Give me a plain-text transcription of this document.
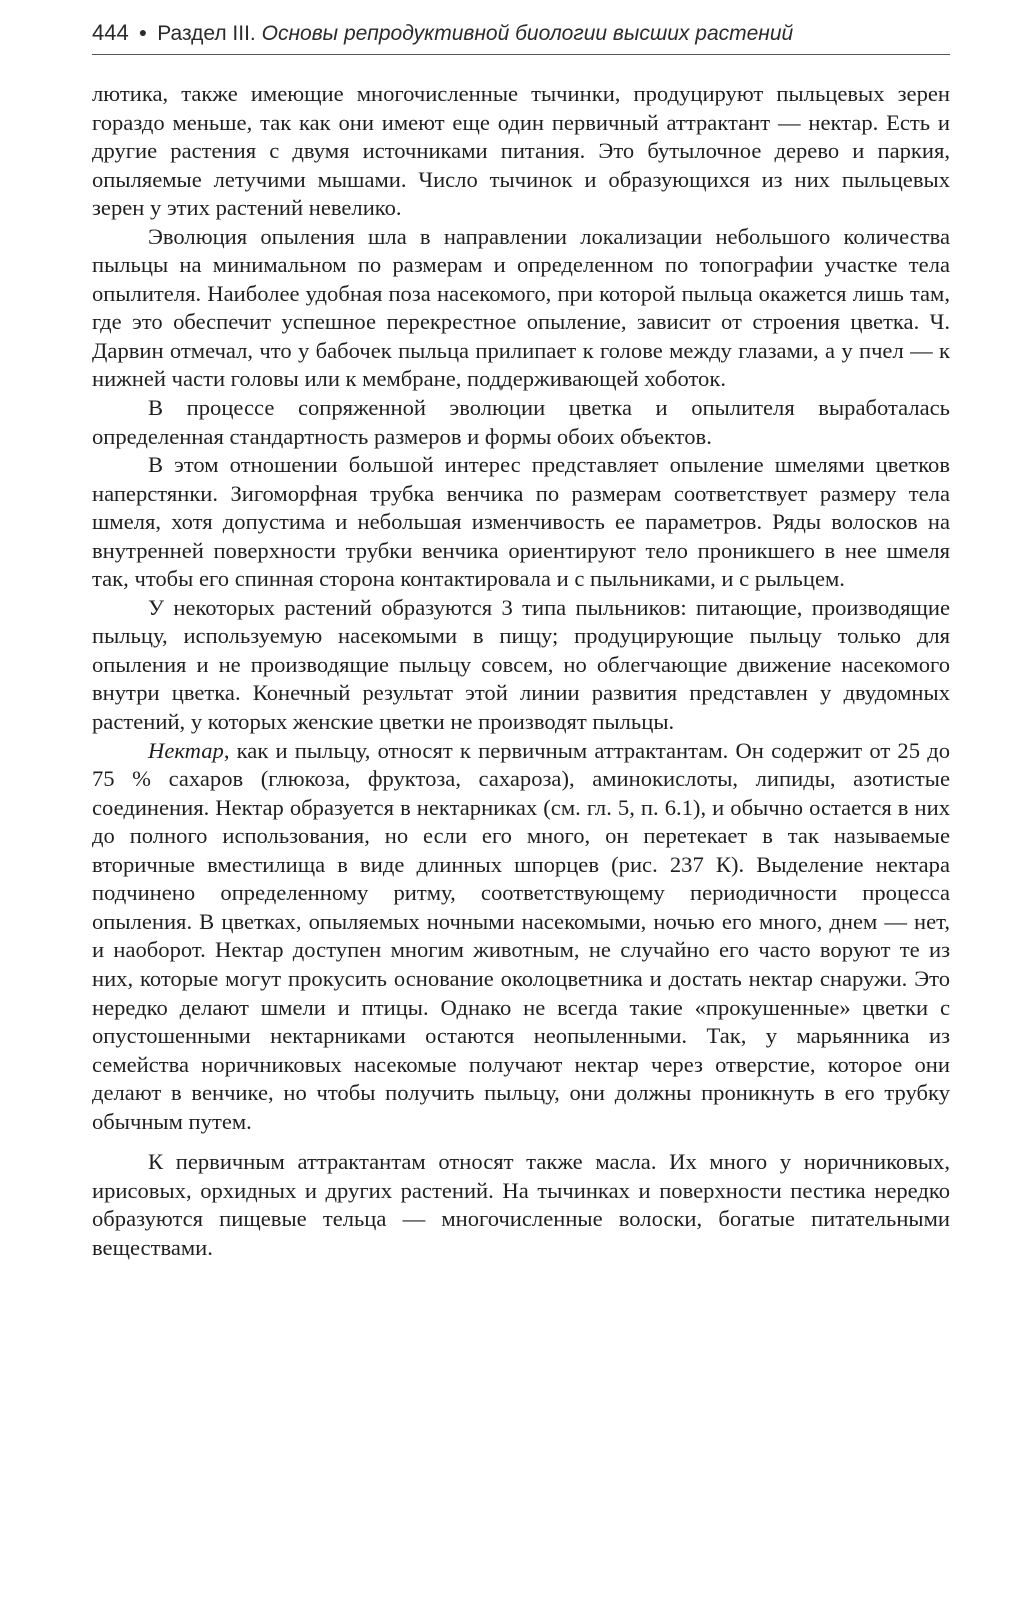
444 ● Раздел III. Основы репродуктивной биологии высших растений

лютика, также имеющие многочисленные тычинки, продуцируют пыльцевых зерен гораздо меньше, так как они имеют еще один первичный аттрактант — нектар. Есть и другие растения с двумя источниками питания. Это бутылочное дерево и паркия, опыляемые летучими мышами. Число тычинок и образующихся из них пыльцевых зерен у этих растений невелико.

Эволюция опыления шла в направлении локализации небольшого количества пыльцы на минимальном по размерам и определенном по топографии участке тела опылителя. Наиболее удобная поза насекомого, при которой пыльца окажется лишь там, где это обеспечит успешное перекрестное опыление, зависит от строения цветка. Ч. Дарвин отмечал, что у бабочек пыльца прилипает к голове между глазами, а у пчел — к нижней части головы или к мембране, поддерживающей хоботок.

В процессе сопряженной эволюции цветка и опылителя выработалась определенная стандартность размеров и формы обоих объектов.

В этом отношении большой интерес представляет опыление шмелями цветков наперстянки. Зигоморфная трубка венчика по размерам соответствует размеру тела шмеля, хотя допустима и небольшая изменчивость ее параметров. Ряды волосков на внутренней поверхности трубки венчика ориентируют тело проникшего в нее шмеля так, чтобы его спинная сторона контактировала и с пыльниками, и с рыльцем.

У некоторых растений образуются 3 типа пыльников: питающие, производящие пыльцу, используемую насекомыми в пищу; продуцирующие пыльцу только для опыления и не производящие пыльцу совсем, но облегчающие движение насекомого внутри цветка. Конечный результат этой линии развития представлен у двудомных растений, у которых женские цветки не производят пыльцы.

Нектар, как и пыльцу, относят к первичным аттрактантам. Он содержит от 25 до 75 % сахаров (глюкоза, фруктоза, сахароза), аминокислоты, липиды, азотистые соединения. Нектар образуется в нектарниках (см. гл. 5, п. 6.1), и обычно остается в них до полного использования, но если его много, он перетекает в так называемые вторичные вместилища в виде длинных шпорцев (рис. 237 К). Выделение нектара подчинено определенному ритму, соответствующему периодичности процесса опыления. В цветках, опыляемых ночными насекомыми, ночью его много, днем — нет, и наоборот. Нектар доступен многим животным, не случайно его часто воруют те из них, которые могут прокусить основание околоцветника и достать нектар снаружи. Это нередко делают шмели и птицы. Однако не всегда такие «прокушенные» цветки с опустошенными нектарниками остаются неопыленными. Так, у марьянника из семейства норичниковых насекомые получают нектар через отверстие, которое они делают в венчике, но чтобы получить пыльцу, они должны проникнуть в его трубку обычным путем.

К первичным аттрактантам относят также масла. Их много у норичниковых, ирисовых, орхидных и других растений. На тычинках и поверхности пестика нередко образуются пищевые тельца — многочисленные волоски, богатые питательными веществами.
